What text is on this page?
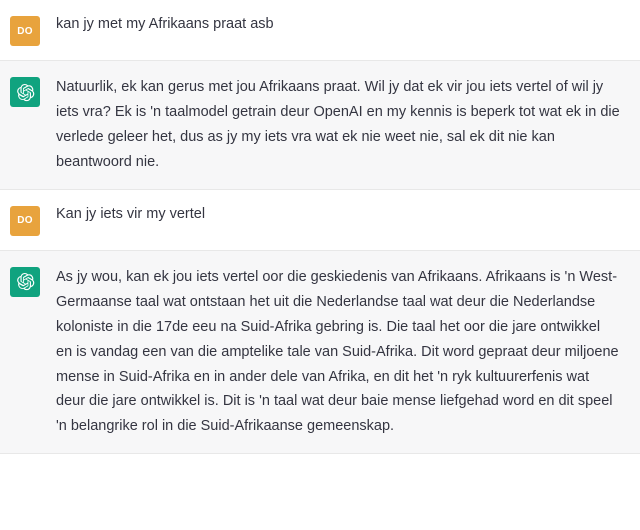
DO kan jy met my Afrikaans praat asb
Natuurlik, ek kan gerus met jou Afrikaans praat. Wil jy dat ek vir jou iets vertel of wil jy iets vra? Ek is 'n taalmodel getrain deur OpenAI en my kennis is beperk tot wat ek in die verlede geleer het, dus as jy my iets vra wat ek nie weet nie, sal ek dit nie kan beantwoord nie.
DO Kan jy iets vir my vertel
As jy wou, kan ek jou iets vertel oor die geskiedenis van Afrikaans. Afrikaans is 'n West-Germaanse taal wat ontstaan het uit die Nederlandse taal wat deur die Nederlandse koloniste in die 17de eeu na Suid-Afrika gebring is. Die taal het oor die jare ontwikkel en is vandag een van die amptelike tale van Suid-Afrika. Dit word gepraat deur miljoene mense in Suid-Afrika en in ander dele van Afrika, en dit het 'n ryk kultuurerfenis wat deur die jare ontwikkel is. Dit is 'n taal wat deur baie mense liefgehad word en dit speel 'n belangrike rol in die Suid-Afrikaanse gemeenskap.
